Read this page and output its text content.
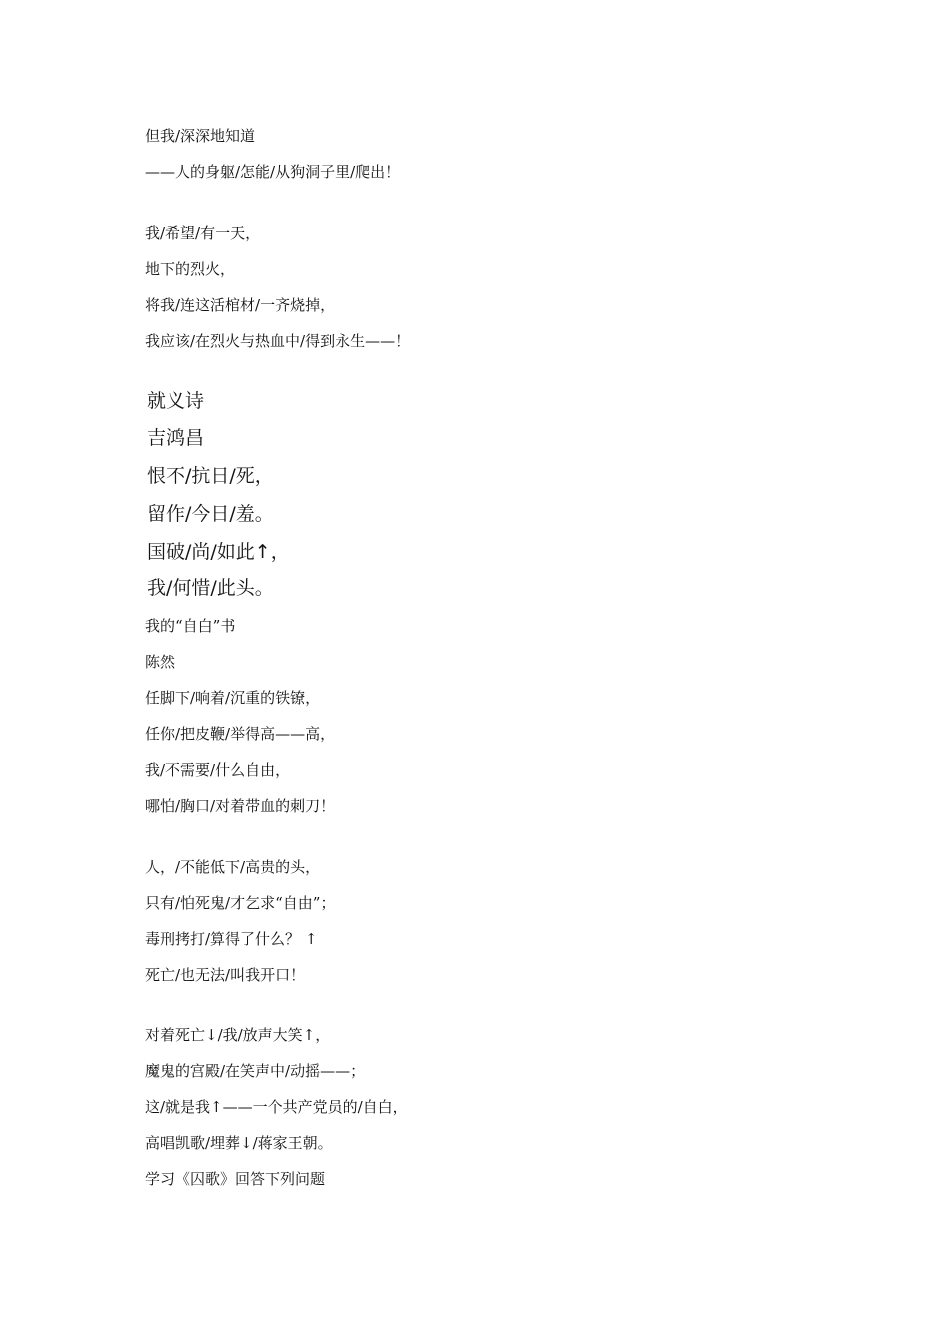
但我/深深地知道
——人的身躯/怎能/从狗洞子里/爬出！
我/希望/有一天，
地下的烈火，
将我/连这活棺材/一齐烧掉，
我应该/在烈火与热血中/得到永生——！
就义诗
吉鸿昌
恨不/抗日/死，
留作/今日/羞。
国破/尚/如此↑，
我/何惜/此头。
我的“自白”书
陈然
任脚下/响着/沉重的铁镣，
任你/把皮鞭/举得高——高，
我/不需要/什么自由，
哪怕/胸口/对着带血的刺刀！
人，/不能低下/高贵的头，
只有/怕死鬼/才乞求“自由”；
毒刑拷打/算得了什么？ ↑
死亡/也无法/叫我开口！
对着死亡↓/我/放声大笑↑，
魔鬼的宫殿/在笑声中/动摇——；
这/就是我↑——一个共产党员的/自白，
高唱凯歌/埋葬↓/蒋家王朝。
学习《囚歌》回答下列问题
